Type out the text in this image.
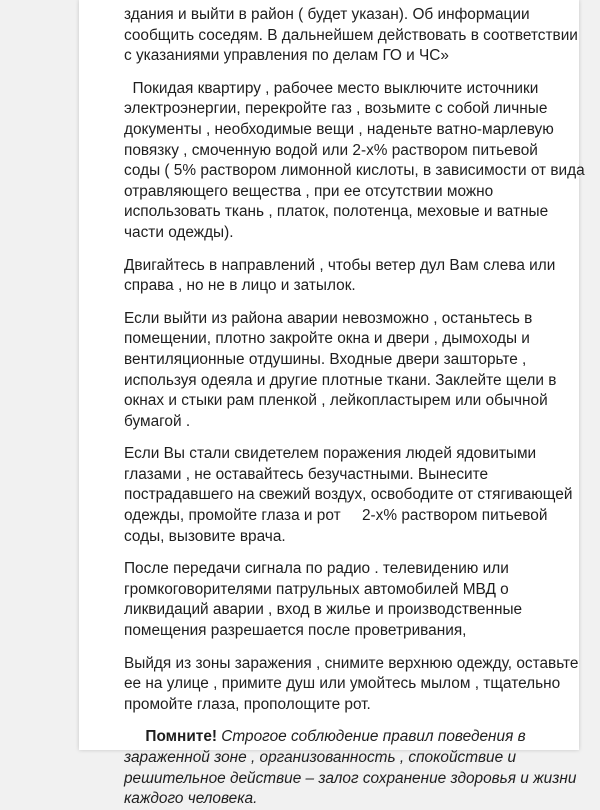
здания и выйти в район ( будет указан). Об информации
сообщить соседям. В дальнейшем действовать в соответствии
с указаниями управления по делам ГО и ЧС»
Покидая квартиру , рабочее место выключите источники
электроэнергии, перекройте газ , возьмите с собой личные
документы , необходимые вещи , наденьте ватно-марлевую
повязку , смоченную водой или 2-х% раствором питьевой
соды ( 5% раствором лимонной кислоты, в зависимости от вида
отравляющего вещества , при ее отсутствии можно
использовать ткань , платок, полотенца, меховые и ватные
части одежды).
Двигайтесь в направлений , чтобы ветер дул Вам слева или
справа , но не в лицо и затылок.
Если выйти из района аварии невозможно , останьтесь в
помещении, плотно закройте окна и двери , дымоходы и
вентиляционные отдушины. Входные двери зашторьте ,
используя одеяла и другие плотные ткани. Заклейте щели в
окнах и стыки рам пленкой , лейкопластырем или обычной
бумагой .
Если Вы стали свидетелем поражения людей ядовитыми
глазами , не оставайтесь безучастными. Вынесите
пострадавшего на свежий воздух, освободите от стягивающей
одежды, промойте глаза и рот     2-х% раствором питьевой
соды, вызовите врача.
После передачи сигнала по радио . телевидению или
громкоговорителями патрульных автомобилей МВД о
ликвидаций аварии , вход в жилье и производственные
помещения разрешается после проветривания,
Выйдя из зоны заражения , снимите верхнюю одежду, оставьте
ее на улице , примите душ или умойтесь мылом , тщательно
промойте глаза, прополощите рот.
Помните! Строгое соблюдение правил поведения в
зараженной зоне , организованность , спокойствие и
решительное действие – залог сохранение здоровья и жизни
каждого человека.
